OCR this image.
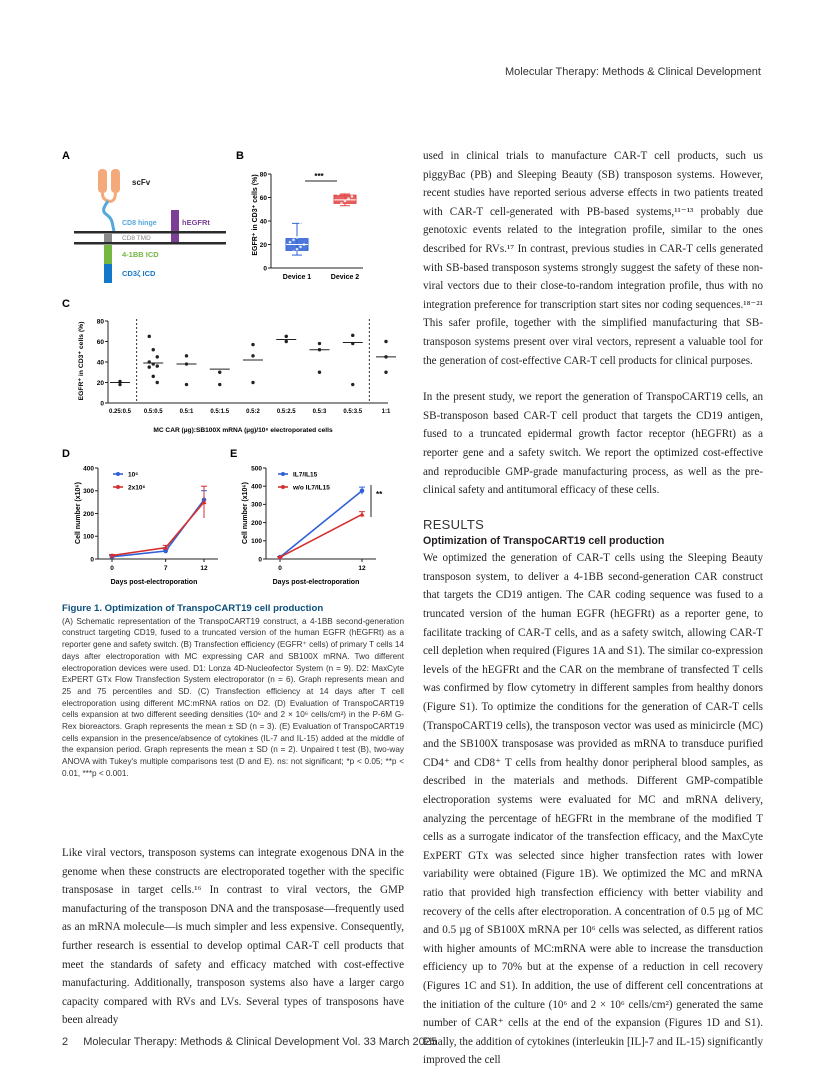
Molecular Therapy: Methods & Clinical Development
A	B
C
D	E
scFv
CD8 hinge	hEGFRt
CD8 TMD
4-1BB ICD
CD3ζ ICD
EGFR⁺ in CD3⁺ cells (%)
0
20
40
60
80
Device 1	Device 2
***
EGFR⁺ in CD3⁺ cells (%)
0
20
40
60
80
0.25:0.5 0.5:0.5	0.5:1	0.5:1.5	0.5:2	0.5:2.5	0.5:3	0.5:3.5	1:1
MC CAR (µg):SB100X mRNA (µg)/10⁶ electroporated cells
Cell number (x10⁶)
0
100
200
300
400
0	7	12
10⁶
2x10⁶
Days post-electroporation
Cell number (x10⁶)
0
100
200
300
400
500
0	12
IL7/IL15
w/o IL7/IL15
**
Days post-electroporation
Figure 1. Optimization of TranspoCART19 cell production

(A) Schematic representation of the TranspoCART19 construct, a 4-1BB second-generation construct targeting CD19, fused to a truncated version of the human EGFR (hEGFRt) as a reporter gene and safety switch. (B) Transfection efficiency (EGFR⁺ cells) of primary T cells 14 days after electroporation with MC expressing CAR and SB100X mRNA. Two different electroporation devices were used. D1: Lonza 4D-Nucleofector System (n = 9). D2: MaxCyte ExPERT GTx Flow Transfection System electroporator (n = 6). Graph represents mean and 25 and 75 percentiles and SD. (C) Transfection efficiency at 14 days after T cell electroporation using different MC:mRNA ratios on D2. (D) Evaluation of TranspoCART19 cells expansion at two different seeding densities (10⁶ and 2 × 10⁶ cells/cm²) in the P-6M G-Rex bioreactors. Graph represents the mean ± SD (n = 3). (E) Evaluation of TranspoCART19 cells expansion in the presence/absence of cytokines (IL-7 and IL-15) added at the middle of the expansion period. Graph represents the mean ± SD (n = 2). Unpaired t test (B), two-way ANOVA with Tukey's multiple comparisons test (D and E). ns: not significant; *p < 0.05; **p < 0.01, ***p < 0.001.

Like viral vectors, transposon systems can integrate exogenous DNA in the genome when these constructs are electroporated together with the specific transposase in target cells.¹⁶ In contrast to viral vectors, the GMP manufacturing of the transposon DNA and the transposase—frequently used as an mRNA molecule—is much simpler and less expensive. Consequently, further research is essential to develop optimal CAR-T cell products that meet the standards of safety and efficacy matched with cost-effective manufacturing. Additionally, transposon systems also have a larger cargo capacity compared with RVs and LVs. Several types of transposons have been already

used in clinical trials to manufacture CAR-T cell products, such us piggyBac (PB) and Sleeping Beauty (SB) transposon systems. However, recent studies have reported serious adverse effects in two patients treated with CAR-T cell-generated with PB-based systems,¹¹⁻¹³ probably due genotoxic events related to the integration profile, similar to the ones described for RVs.¹⁷ In contrast, previous studies in CAR-T cells generated with SB-based transposon systems strongly suggest the safety of these non-viral vectors due to their close-to-random integration profile, thus with no integration preference for transcription start sites nor coding sequences.¹⁸⁻²¹ This safer profile, together with the simplified manufacturing that SB-transposon systems present over viral vectors, represent a valuable tool for the generation of cost-effective CAR-T cell products for clinical purposes.

In the present study, we report the generation of TranspoCART19 cells, an SB-transposon based CAR-T cell product that targets the CD19 antigen, fused to a truncated epidermal growth factor receptor (hEGFRt) as a reporter gene and a safety switch. We report the optimized cost-effective and reproducible GMP-grade manufacturing process, as well as the pre-clinical safety and antitumoral efficacy of these cells.

RESULTS
Optimization of TranspoCART19 cell production

We optimized the generation of CAR-T cells using the Sleeping Beauty transposon system, to deliver a 4-1BB second-generation CAR construct that targets the CD19 antigen. The CAR coding sequence was fused to a truncated version of the human EGFR (hEGFRt) as a reporter gene, to facilitate tracking of CAR-T cells, and as a safety switch, allowing CAR-T cell depletion when required (Figures 1A and S1). The similar co-expression levels of the hEGFRt and the CAR on the membrane of transfected T cells was confirmed by flow cytometry in different samples from healthy donors (Figure S1). To optimize the conditions for the generation of CAR-T cells (TranspoCART19 cells), the transposon vector was used as minicircle (MC) and the SB100X transposase was provided as mRNA to transduce purified CD4⁺ and CD8⁺ T cells from healthy donor peripheral blood samples, as described in the materials and methods. Different GMP-compatible electroporation systems were evaluated for MC and mRNA delivery, analyzing the percentage of hEGFRt in the membrane of the modified T cells as a surrogate indicator of the transfection efficacy, and the MaxCyte ExPERT GTx was selected since higher transfection rates with lower variability were obtained (Figure 1B). We optimized the MC and mRNA ratio that provided high transfection efficiency with better viability and recovery of the cells after electroporation. A concentration of 0.5 µg of MC and 0.5 µg of SB100X mRNA per 10⁶ cells was selected, as different ratios with higher amounts of MC:mRNA were able to increase the transduction efficiency up to 70% but at the expense of a reduction in cell recovery (Figures 1C and S1). In addition, the use of different cell concentrations at the initiation of the culture (10⁶ and 2 × 10⁶ cells/cm²) generated the same number of CAR⁺ cells at the end of the expansion (Figures 1D and S1). Finally, the addition of cytokines (interleukin [IL]-7 and IL-15) significantly improved the cell

2 Molecular Therapy: Methods & Clinical Development Vol. 33 March 2025
